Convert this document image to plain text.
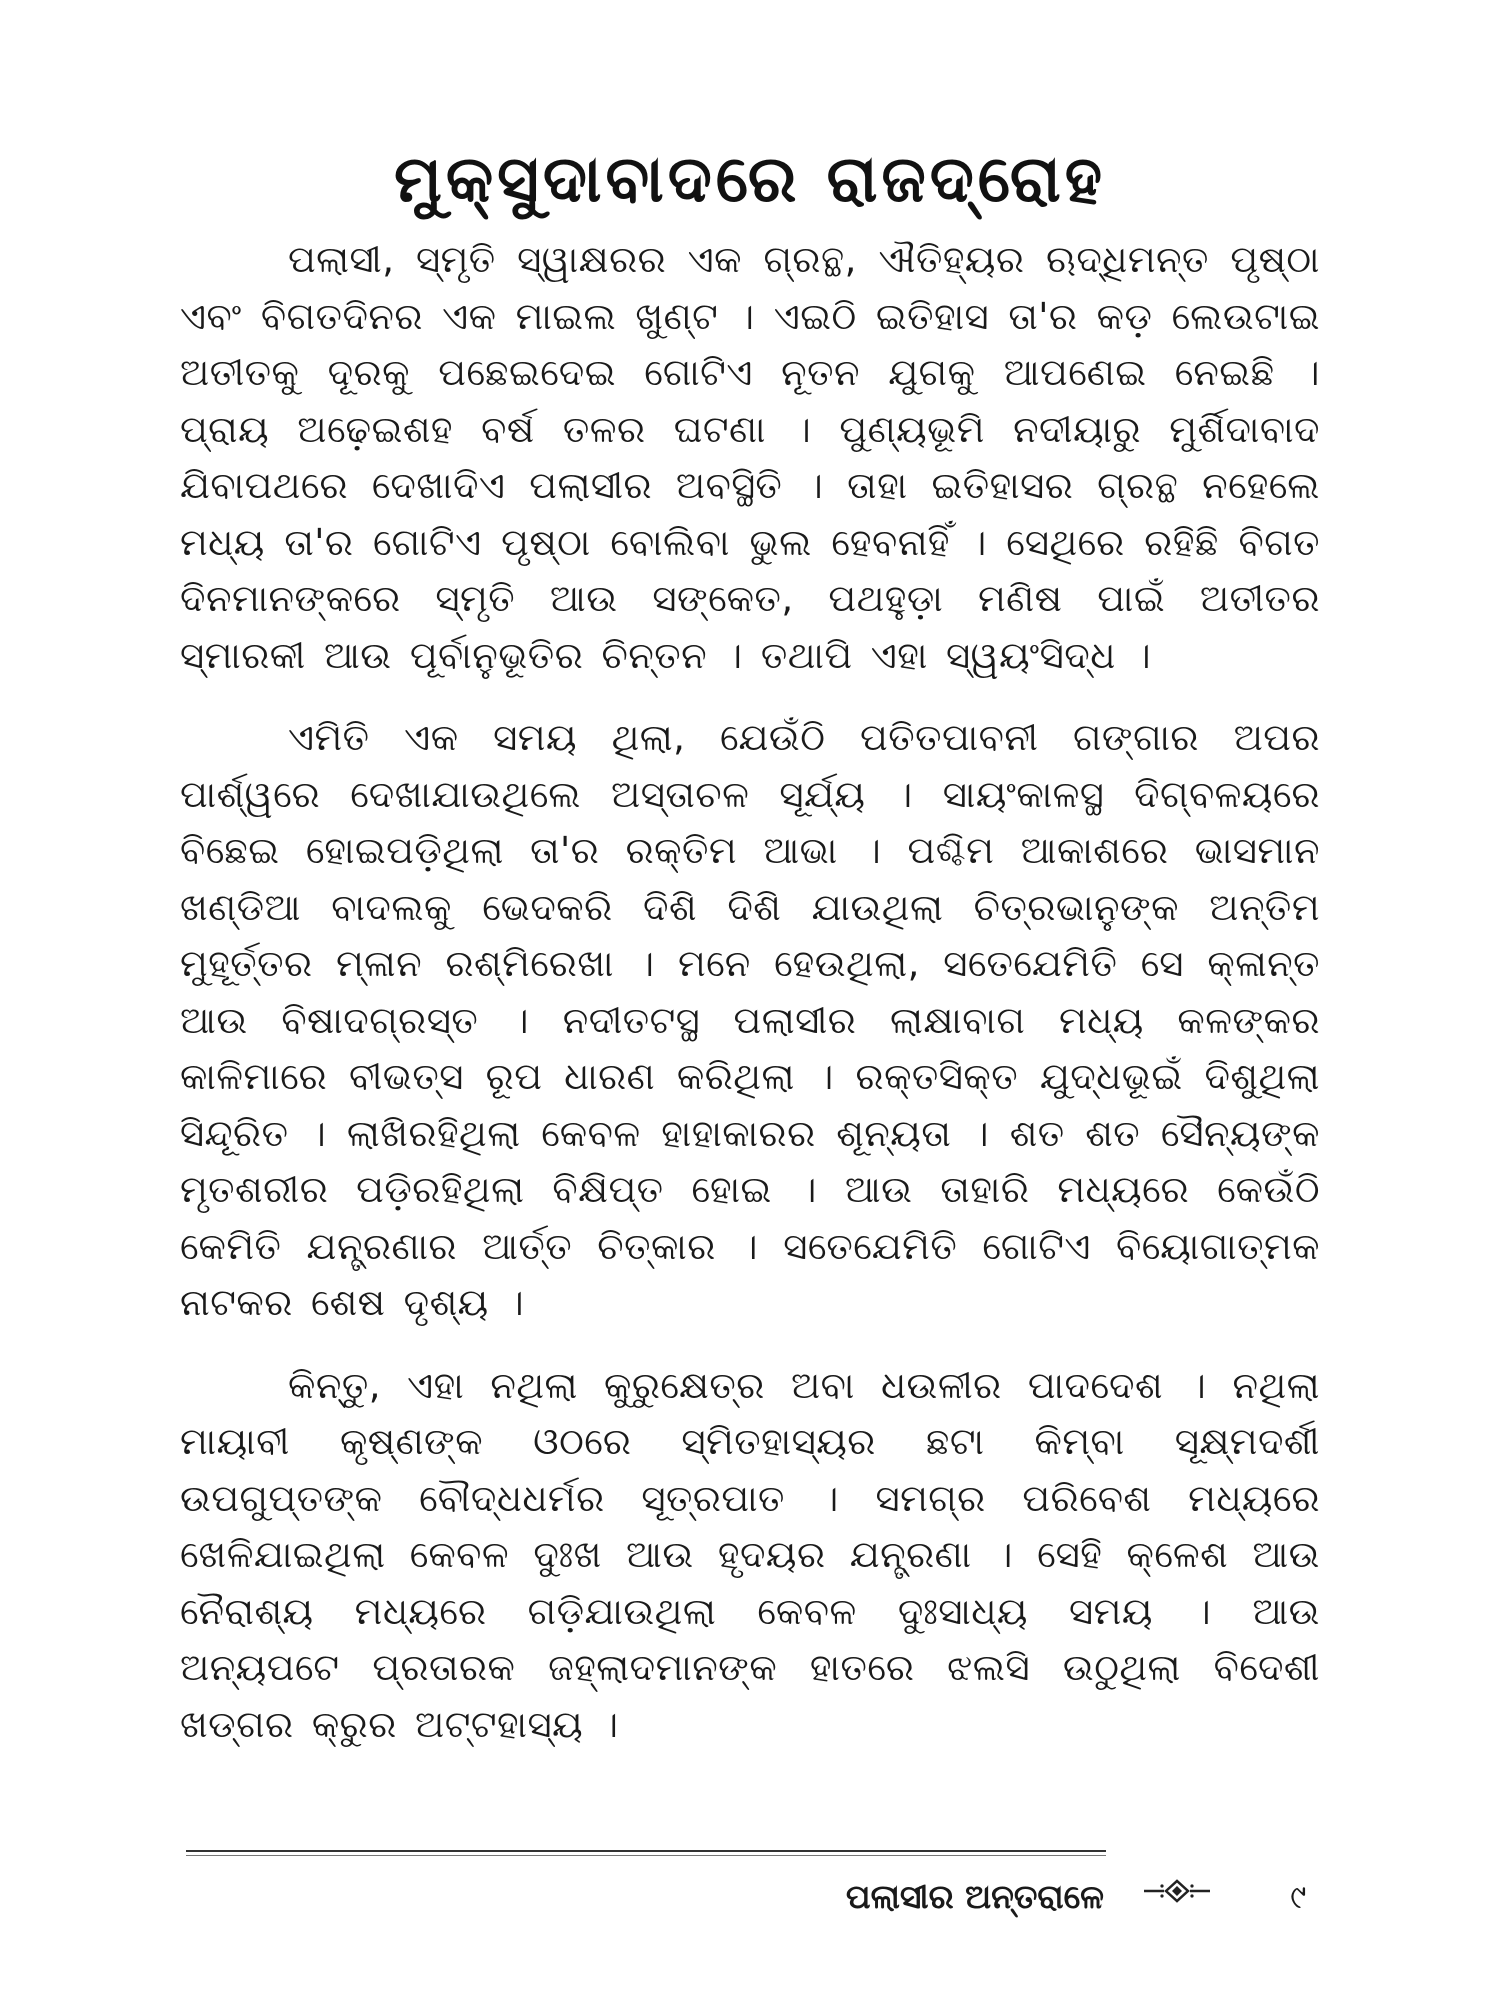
ମୁକ୍ସୁଦାବାଦରେ ରାଜଦ୍ରୋହ

ପଲାସୀ, ସ୍ମୃତି ସ୍ୱାକ୍ଷରର ଏକ ଗ୍ରନ୍ଥ, ଐତିହ୍ୟର ଋଦ୍ଧିମନ୍ତ ପୃଷ୍ଠା ଏବଂ ବିଗତଦିନର ଏକ ମାଇଲ ଖୁଣ୍ଟ । ଏଇଠି ଇତିହାସ ତା'ର କଡ଼ ଲେଉଟାଇ ଅତୀତକୁ ଦୂରକୁ ପଛେଇଦେଇ ଗୋଟିଏ ନୂତନ ଯୁଗକୁ ଆପଣେଇ ନେଇଛି । ପ୍ରାୟ ଅଢ଼େଇଶହ ବର୍ଷ ତଳର ଘଟଣା । ପୁଣ୍ୟଭୂମି ନଦୀୟାରୁ ମୁର୍ଶିଦାବାଦ ଯିବାପଥରେ ଦେଖାଦିଏ ପଲାସୀର ଅବସ୍ଥିତି । ତାହା ଇତିହାସର ଗ୍ରନ୍ଥ ନହେଲେ ମଧ୍ୟ ତା'ର ଗୋଟିଏ ପୃଷ୍ଠା ବୋଲିବା ଭୁଲ ହେବନାହିଁ । ସେଥିରେ ରହିଛି ବିଗତ ଦିନମାନଙ୍କରେ ସ୍ମୃତି ଆଉ ସଙ୍କେତ, ପଥହୁଡ଼ା ମଣିଷ ପାଇଁ ଅତୀତର ସ୍ମାରକୀ ଆଉ ପୂର୍ବାନୁଭୂତିର ଚିନ୍ତନ । ତଥାପି ଏହା ସ୍ୱୟଂସିଦ୍ଧ ।

ଏମିତି ଏକ ସମୟ ଥିଲା, ଯେଉଁଠି ପତିତପାବନୀ ଗଙ୍ଗାର ଅପର ପାର୍ଶ୍ୱରେ ଦେଖାଯାଉଥିଲେ ଅସ୍ତାଚଳ ସୂର୍ଯ୍ୟ । ସାୟଂକାଳସ୍ଥ ଦିଗ୍‌ବଳୟରେ ବିଛେଇ ହୋଇପଡ଼ିଥିଲା ତା'ର ରକ୍ତିମ ଆଭା । ପଶ୍ଚିମ ଆକାଶରେ ଭାସମାନ ଖଣ୍ଡିଆ ବାଦଲକୁ ଭେଦକରି ଦିଶି ଦିଶି ଯାଉଥିଲା ଚିତ୍ରଭାନୁଙ୍କ ଅନ୍ତିମ ମୁହୂର୍ତ୍ତର ମ୍ଳାନ ରଶ୍ମିରେଖା । ମନେ ହେଉଥିଲା, ସତେଯେମିତି ସେ କ୍ଳାନ୍ତ ଆଉ ବିଷାଦଗ୍ରସ୍ତ । ନଦୀତଟସ୍ଥ ପଲାସୀର ଲାକ୍ଷାବାଗ ମଧ୍ୟ କଳଙ୍କର କାଳିମାରେ ବୀଭତ୍ସ ରୂପ ଧାରଣ କରିଥିଲା । ରକ୍ତସିକ୍ତ ଯୁଦ୍ଧଭୂଇଁ ଦିଶୁଥିଲା ସିନ୍ଦୂରିତ । ଲାଖିରହିଥିଲା କେବଳ ହାହାକାରର ଶୂନ୍ୟତା । ଶତ ଶତ ସୈନ୍ୟଙ୍କ ମୃତଶରୀର ପଡ଼ିରହିଥିଲା ବିକ୍ଷିପ୍ତ ହୋଇ । ଆଉ ତାହାରି ମଧ୍ୟରେ କେଉଁଠି କେମିତି ଯନ୍ତ୍ରଣାର ଆର୍ତ୍ତ ଚିତ୍କାର । ସତେଯେମିତି ଗୋଟିଏ ବିୟୋଗାତ୍ମକ ନାଟକର ଶେଷ ଦୃଶ୍ୟ ।

କିନ୍ତୁ, ଏହା ନଥିଲା କୁରୁକ୍ଷେତ୍ର ଅବା ଧଉଳୀର ପାଦଦେଶ । ନଥିଲା ମାୟାବୀ କୃଷ୍ଣଙ୍କ ଓଠରେ ସ୍ମିତହାସ୍ୟର ଛଟା କିମ୍ବା ସୂକ୍ଷ୍ମଦର୍ଶୀ ଉପଗୁପ୍ତଙ୍କ ବୌଦ୍ଧଧର୍ମର ସୂତ୍ରପାତ । ସମଗ୍ର ପରିବେଶ ମଧ୍ୟରେ ଖେଳିଯାଇଥିଲା କେବଳ ଦୁଃଖ ଆଉ ହୃଦୟର ଯନ୍ତ୍ରଣା । ସେହି କ୍ଳେଶ ଆଉ ନୈରାଶ୍ୟ ମଧ୍ୟରେ ଗଡ଼ିଯାଉଥିଲା କେବଳ ଦୁଃସାଧ୍ୟ ସମୟ । ଆଉ ଅନ୍ୟପଟେ ପ୍ରତାରକ ଜହ୍ଲାଦମାନଙ୍କ ହାତରେ ଝଲସି ଉଠୁଥିଲା ବିଦେଶୀ ଖଡ୍‌ଗର କ୍ରୁର ଅଟ୍ଟହାସ୍ୟ ।

ପଲାସୀର ଅନ୍ତରାଳେ	୯
